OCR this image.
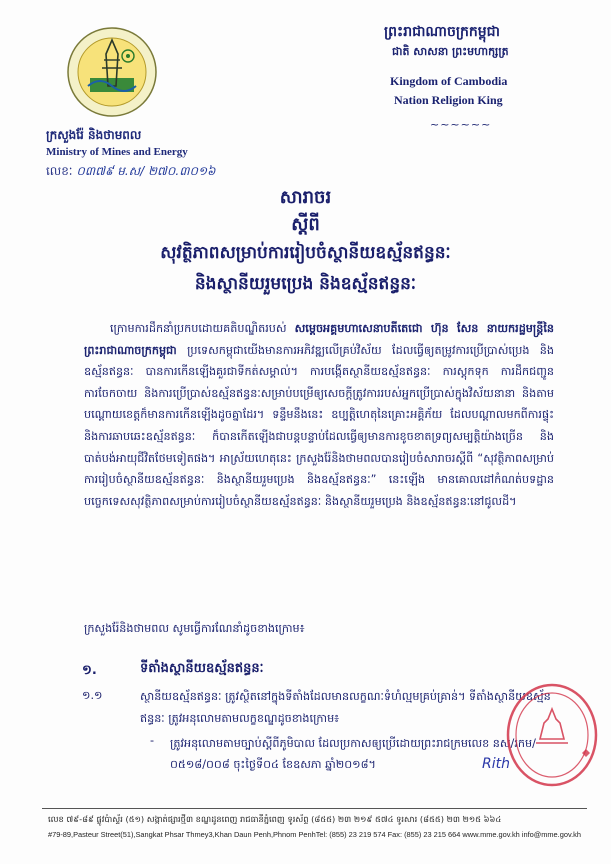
ក្រសួងរ៉ែ និងថាមពល
Ministry of Mines and Energy
លេខៈ ០៣៧៩ ម.ស/ ២៧០.៣០១៦
ព្រះរាជាណាចក្រកម្ពុជា
ជាតិ សាសនា ព្រះមហាក្សត្រ
Kingdom of Cambodia
Nation Religion King
~~~~~~
សារាចរ
ស្តីពី
សុវត្ថិភាពសម្រាប់ការរៀបចំស្ថានីយឧស្ម័នឥន្ធនៈ
និងស្ថានីយរួមប្រេង និងឧស្ម័នឥន្ធនៈ
ក្រោមការដឹកនាំប្រកបដោយគតិបណ្ឌិតរបស់ សម្តេចអគ្គមហាសេនាបតីតេជោ ហ៊ុន សែន នាយករដ្ឋមន្ត្រីនៃព្រះរាជាណាចក្រកម្ពុជា ប្រទេសកម្ពុជាយើងមានការអភិវឌ្ឍលើគ្រប់វិស័យ ដែលធ្វើឲ្យតម្រូវការប្រើប្រាស់ប្រេង និងឧស្ម័នឥន្ធនៈ បានការកើនឡើងគួរជាទីកត់សម្គាល់។ ការបង្កើតស្ថានីយឧស្ម័នឥន្ធនៈ ការស្តុកទុក ការដឹកជញ្ជូន ការចែកចាយ និងការប្រើប្រាស់ឧស្ម័នឥន្ធនៈសម្រាប់បម្រើឲ្យសេចក្តីត្រូវការរបស់អ្នកប្រើប្រាស់ក្នុងវិស័យនានា និងតាមបណ្តោយខេត្តក៏មានការកើនឡើងដូចគ្នាដែរ។ ទន្ទឹមនឹងនេះ ឧប្បត្តិហេតុនៃគ្រោះអគ្គិភ័យ ដែលបណ្តាលមកពីការផ្ទុះ និងការឆាបឆេះឧស្ម័នឥន្ធនៈ ក៏បានកើតឡើងជាបន្តបន្ទាប់ដែលធ្វើឲ្យមានការខូចខាតទ្រព្យសម្បត្តិយ៉ាងច្រើន និងបាត់បង់អាយុជីវិតថែមទៀតផង។ អាស្រ័យហេតុនេះ ក្រសួងរ៉ែនិងថាមពលបានរៀបចំសារាចរស្តីពី “សុវត្ថិភាពសម្រាប់ការរៀបចំស្ថានីយឧស្ម័នឥន្ធនៈ និងស្ថានីយរួមប្រេង និងឧស្ម័នឥន្ធនៈ” នេះឡើង មានគោលដៅកំណត់បទដ្ឋានបច្ចេកទេសសុវត្ថិភាពសម្រាប់ការរៀបចំស្ថានីយឧស្ម័នឥន្ធនៈ និងស្ថានីយរួមប្រេង និងឧស្ម័នឥន្ធនៈនៅជូលដី។
ក្រសួងរ៉ែនិងថាមពល សូមធ្វើការណែនាំដូចខាងក្រោម៖
១.	ទីតាំងស្ថានីយឧស្ម័នឥន្ធនៈ
១.១	ស្ថានីយឧស្ម័នឥន្ធនៈ ត្រូវស្ថិតនៅក្នុងទីតាំងដែលមានលក្ខណៈទំហំល្មមគ្រប់គ្រាន់។ ទីតាំងស្ថានីយឧស្ម័នឥន្ធនៈ ត្រូវអនុលោមតាមលក្ខខណ្ឌដូចខាងក្រោម៖
- ត្រូវអនុលោមតាមច្បាប់ស្តីពីភូមិបាល ដែលប្រកាសឲ្យប្រើដោយព្រះរាជក្រមលេខ នស/រកម/០៥១៨/០០៨ ចុះថ្ងៃទី០៤ ខែឧសភា ឆ្នាំ២០១៨។	Rith
លេខ ៧៩-៨៩ ផ្លូវប៉ាស្ទ័រ (៥១) សង្កាត់ផ្សារថ្មី៣ ខណ្ឌដូនពេញ រាជធានីភ្នំពេញ ទូរស័ព្ទ (៨៥៥) ២៣ ២១៩ ៥៧៤ ទូរសារ (៨៥៥) ២៣ ២១៥ ៦៦៤
#79-89,Pasteur Street(51),Sangkat Phsar Thmey3,Khan Daun Penh,Phnom PenhTel: (855) 23 219 574 Fax: (855) 23 215 664 www.mme.gov.kh info@mme.gov.kh
